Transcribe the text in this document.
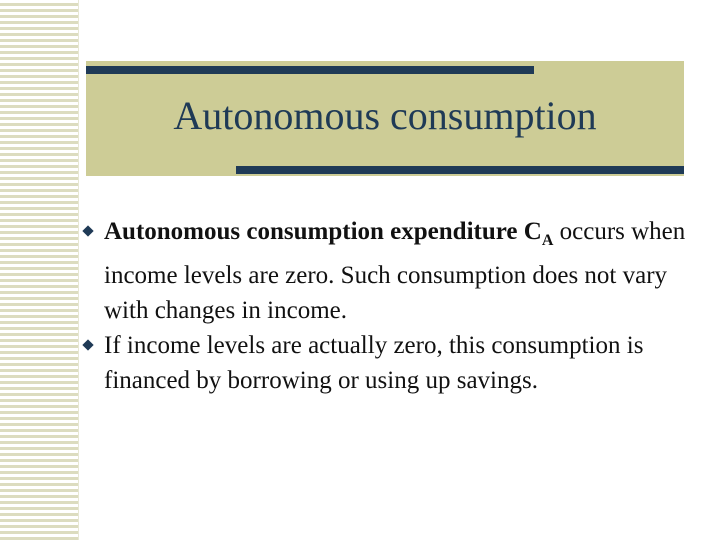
Autonomous consumption
Autonomous consumption expenditure $C_A$ occurs when income levels are zero. Such consumption does not vary with changes in income.
If income levels are actually zero, this consumption is financed by borrowing or using up savings.
